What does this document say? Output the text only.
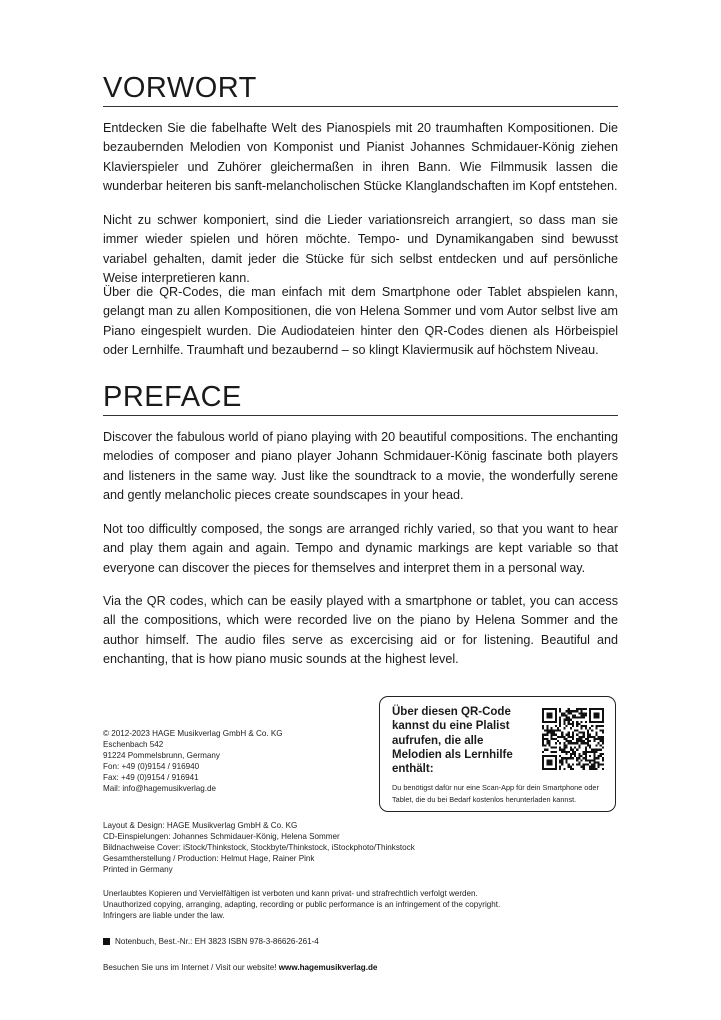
VORWORT

Entdecken Sie die fabelhafte Welt des Pianospiels mit 20 traumhaften Kompositionen. Die bezaubernden Melodien von Komponist und Pianist Johannes Schmidauer-König ziehen Klavierspieler und Zuhörer gleichermaßen in ihren Bann. Wie Filmmusik lassen die wunderbar heiteren bis sanft-melancholischen Stücke Klanglandschaften im Kopf entstehen.

Nicht zu schwer komponiert, sind die Lieder variationsreich arrangiert, so dass man sie immer wieder spielen und hören möchte. Tempo- und Dynamikangaben sind bewusst variabel gehalten, damit jeder die Stücke für sich selbst entdecken und auf persönliche Weise interpretieren kann.

Über die QR-Codes, die man einfach mit dem Smartphone oder Tablet abspielen kann, gelangt man zu allen Kompositionen, die von Helena Sommer und vom Autor selbst live am Piano eingespielt wurden. Die Audiodateien hinter den QR-Codes dienen als Hörbeispiel oder Lernhilfe. Traumhaft und bezaubernd – so klingt Klaviermusik auf höchstem Niveau.

PREFACE

Discover the fabulous world of piano playing with 20 beautiful compositions. The enchanting melodies of composer and piano player Johann Schmidauer-König fascinate both players and listeners in the same way. Just like the soundtrack to a movie, the wonderfully serene and gently melancholic pieces create soundscapes in your head.

Not too difficultly composed, the songs are arranged richly varied, so that you want to hear and play them again and again. Tempo and dynamic markings are kept variable so that everyone can discover the pieces for themselves and interpret them in a personal way.

Via the QR codes, which can be easily played with a smartphone or tablet, you can access all the compositions, which were recorded live on the piano by Helena Sommer and the author himself. The audio files serve as excercising aid or for listening. Beautiful and enchanting, that is how piano music sounds at the highest level.

Über diesen QR-Code kannst du eine Plalist aufrufen, die alle Melodien als Lernhilfe enthält:

Du benötigst dafür nur eine Scan-App für dein Smartphone oder Tablet, die du bei Bedarf kostenlos herunterladen kannst.

© 2012-2023 HAGE Musikverlag GmbH & Co. KG
Eschenbach 542
91224 Pommelsbrunn, Germany
Fon: +49 (0)9154 / 916940
Fax: +49 (0)9154 / 916941
Mail: info@hagemusikverlag.de
Layout & Design: HAGE Musikverlag GmbH & Co. KG
CD-Einspielungen: Johannes Schmidauer-König, Helena Sommer
Bildnachweise Cover: iStock/Thinkstock, Stockbyte/Thinkstock, iStockphoto/Thinkstock
Gesamtherstellung / Production: Helmut Hage, Rainer Pink
Printed in Germany
Unerlaubtes Kopieren und Vervielfältigen ist verboten und kann privat- und strafrechtlich verfolgt werden.
Unauthorized copying, arranging, adapting, recording or public performance is an infringement of the copyright.
Infringers are liable under the law.
Notenbuch, Best.-Nr.: EH 3823 ISBN 978-3-86626-261-4
Besuchen Sie uns im Internet / Visit our website! www.hagemusikverlag.de
